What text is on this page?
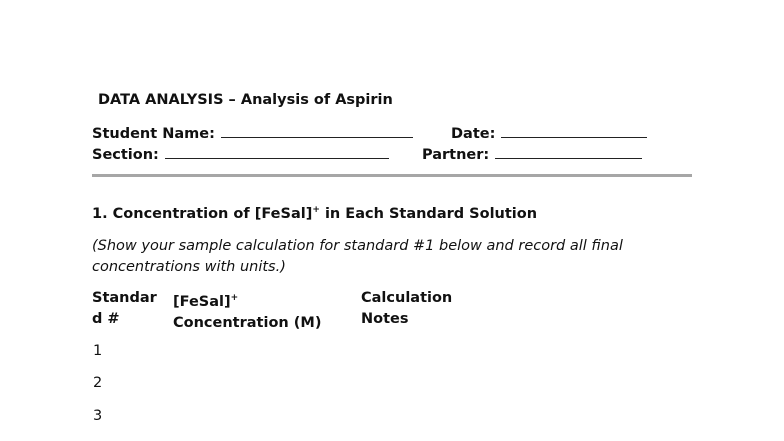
DATA ANALYSIS – Analysis of Aspirin
Student Name:	Date:
Section:	Partner:
1. Concentration of [FeSal]+ in Each Standard Solution
(Show your sample calculation for standard #1 below and record all final
concentrations with units.)
Standar
d #
[FeSal]+
Concentration (M)
Calculation
Notes
1
2
3
